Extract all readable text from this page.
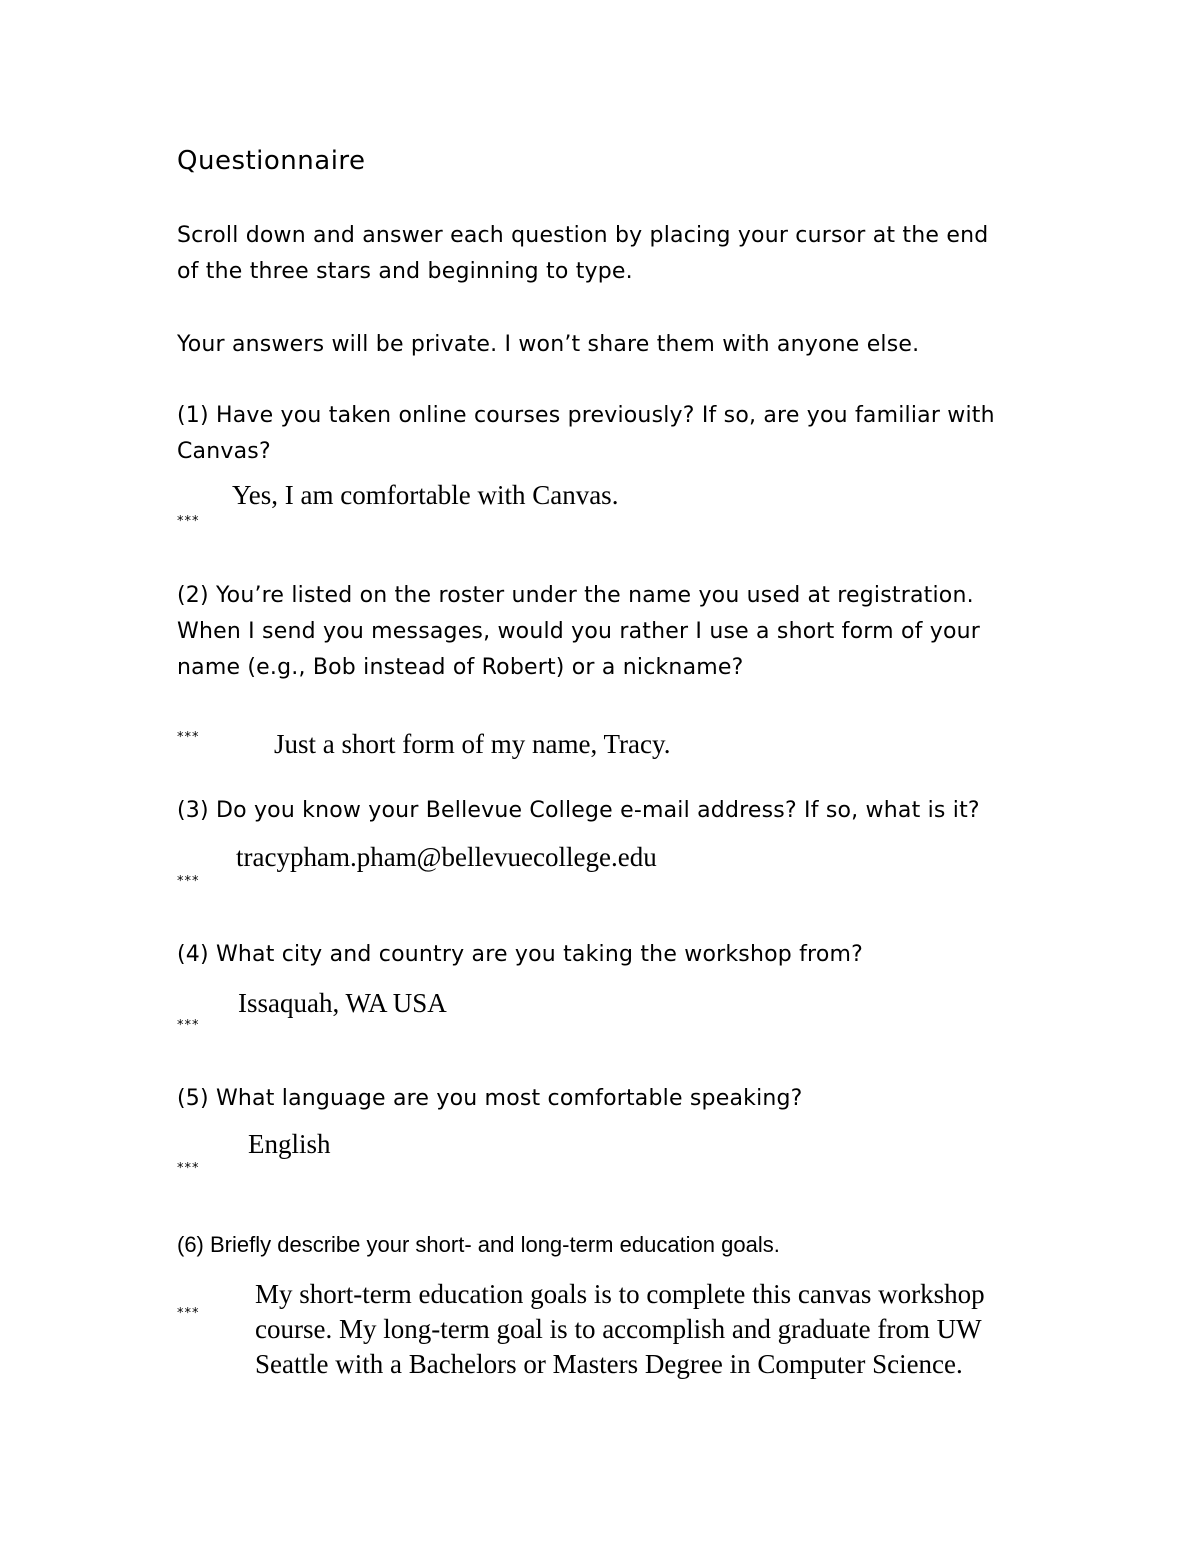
Questionnaire
Scroll down and answer each question by placing your cursor at the end
of the three stars and beginning to type.
Your answers will be private. I won’t share them with anyone else.
(1) Have you taken online courses previously? If so, are you familiar with
Canvas?
Yes, I am comfortable with Canvas.
***
(2) You’re listed on the roster under the name you used at registration.
When I send you messages, would you rather I use a short form of your
name (e.g., Bob instead of Robert) or a nickname?
***	Just a short form of my name, Tracy.
(3) Do you know your Bellevue College e-mail address? If so, what is it?
tracypham.pham@bellevuecollege.edu
***
(4) What city and country are you taking the workshop from?
Issaquah, WA USA
***
(5) What language are you most comfortable speaking?
English
***
(6) Briefly describe your short- and long-term education goals.
***
My short-term education goals is to complete this canvas workshop
course. My long-term goal is to accomplish and graduate from UW
Seattle with a Bachelors or Masters Degree in Computer Science.
